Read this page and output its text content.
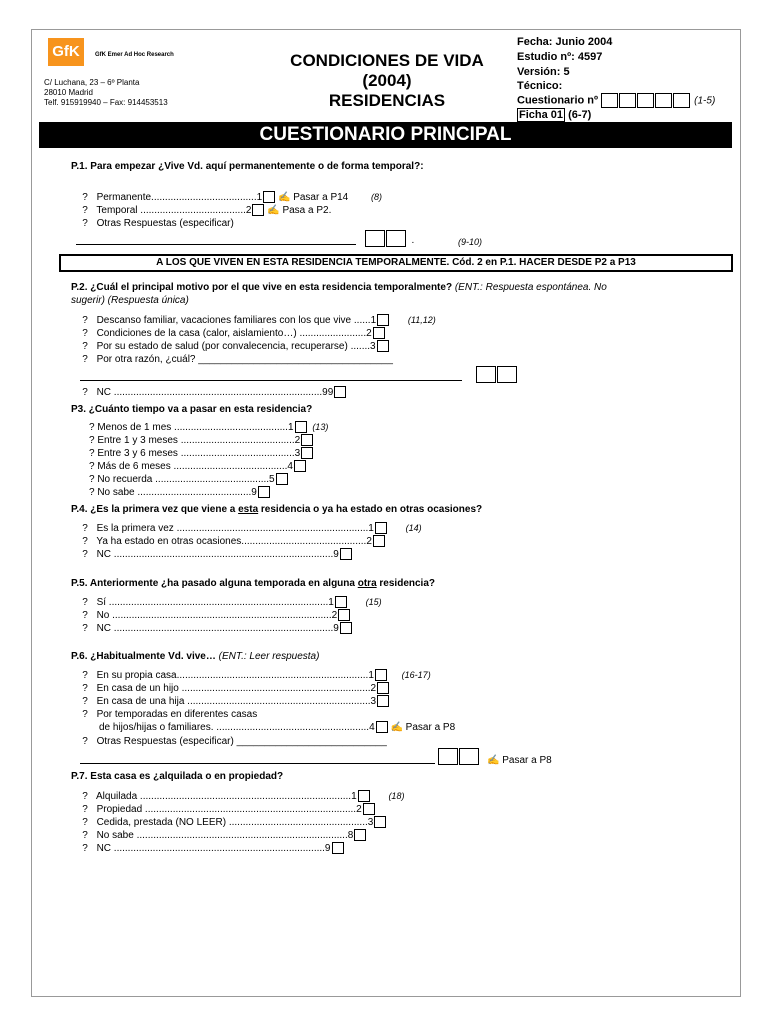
GfK	GfK Emer Ad Hoc Research
C/ Luchana, 23 – 6º Planta
28010 Madrid
Telf. 915919940 – Fax: 914453513
CONDICIONES DE VIDA
(2004)
RESIDENCIAS
Fecha: Junio 2004
Estudio nº: 4597
Versión: 5
Técnico:
Cuestionario nº	(1-5)
Ficha 01 (6-7)
CUESTIONARIO PRINCIPAL
P.1. Para empezar ¿Vive Vd. aquí permanentemente o de forma temporal?:
? Permanente......................................1 ✍ Pasar a P14	(8)
? Temporal ......................................2 ✍ Pasa a P2.
? Otras Respuestas (especificar)
.	(9-10)
A LOS QUE VIVEN EN ESTA RESIDENCIA TEMPORALMENTE. Cód. 2 en P.1. HACER DESDE P2 a P13
P.2. ¿Cuál el principal motivo por el que vive en esta residencia temporalmente? (ENT.: Respuesta espontánea. No
sugerir) (Respuesta única)
? Descanso familiar, vacaciones familiares con los que vive ......1	(11,12)
? Condiciones de la casa (calor, aislamiento…) ........................2
? Por su estado de salud (por convalecencia, recuperarse) .......3
? Por otra razón, ¿cuál? ___________________________________
? NC ...........................................................................99
P3. ¿Cuánto tiempo va a pasar en esta residencia?
? Menos de 1 mes .........................................1 (13)
? Entre 1 y 3 meses .........................................2
? Entre 3 y 6 meses .........................................3
? Más de 6 meses .........................................4
? No recuerda .........................................5
? No sabe .........................................9
P.4. ¿Es la primera vez que viene a esta residencia o ya ha estado en otras ocasiones?
? Es la primera vez .....................................................................1	(14)
? Ya ha estado en otras ocasiones.............................................2
? NC ...............................................................................9
P.5. Anteriormente ¿ha pasado alguna temporada en alguna otra residencia?
? Sí ...............................................................................1	(15)
? No ...............................................................................2
? NC ...............................................................................9
P.6. ¿Habitualmente Vd. vive… (ENT.: Leer respuesta)
? En su propia casa.....................................................................1	(16-17)
? En casa de un hijo ....................................................................2
? En casa de una hija ..................................................................3
? Por temporadas en diferentes casas
de hijos/hijas o familiares. .......................................................4 ✍ Pasar a P8
? Otras Respuestas (especificar) ___________________________
✍ Pasar a P8
P.7. Esta casa es ¿alquilada o en propiedad?
? Alquilada ............................................................................1	(18)
? Propiedad ............................................................................2
? Cedida, prestada (NO LEER) ..................................................3
? No sabe ............................................................................8
? NC ............................................................................9
